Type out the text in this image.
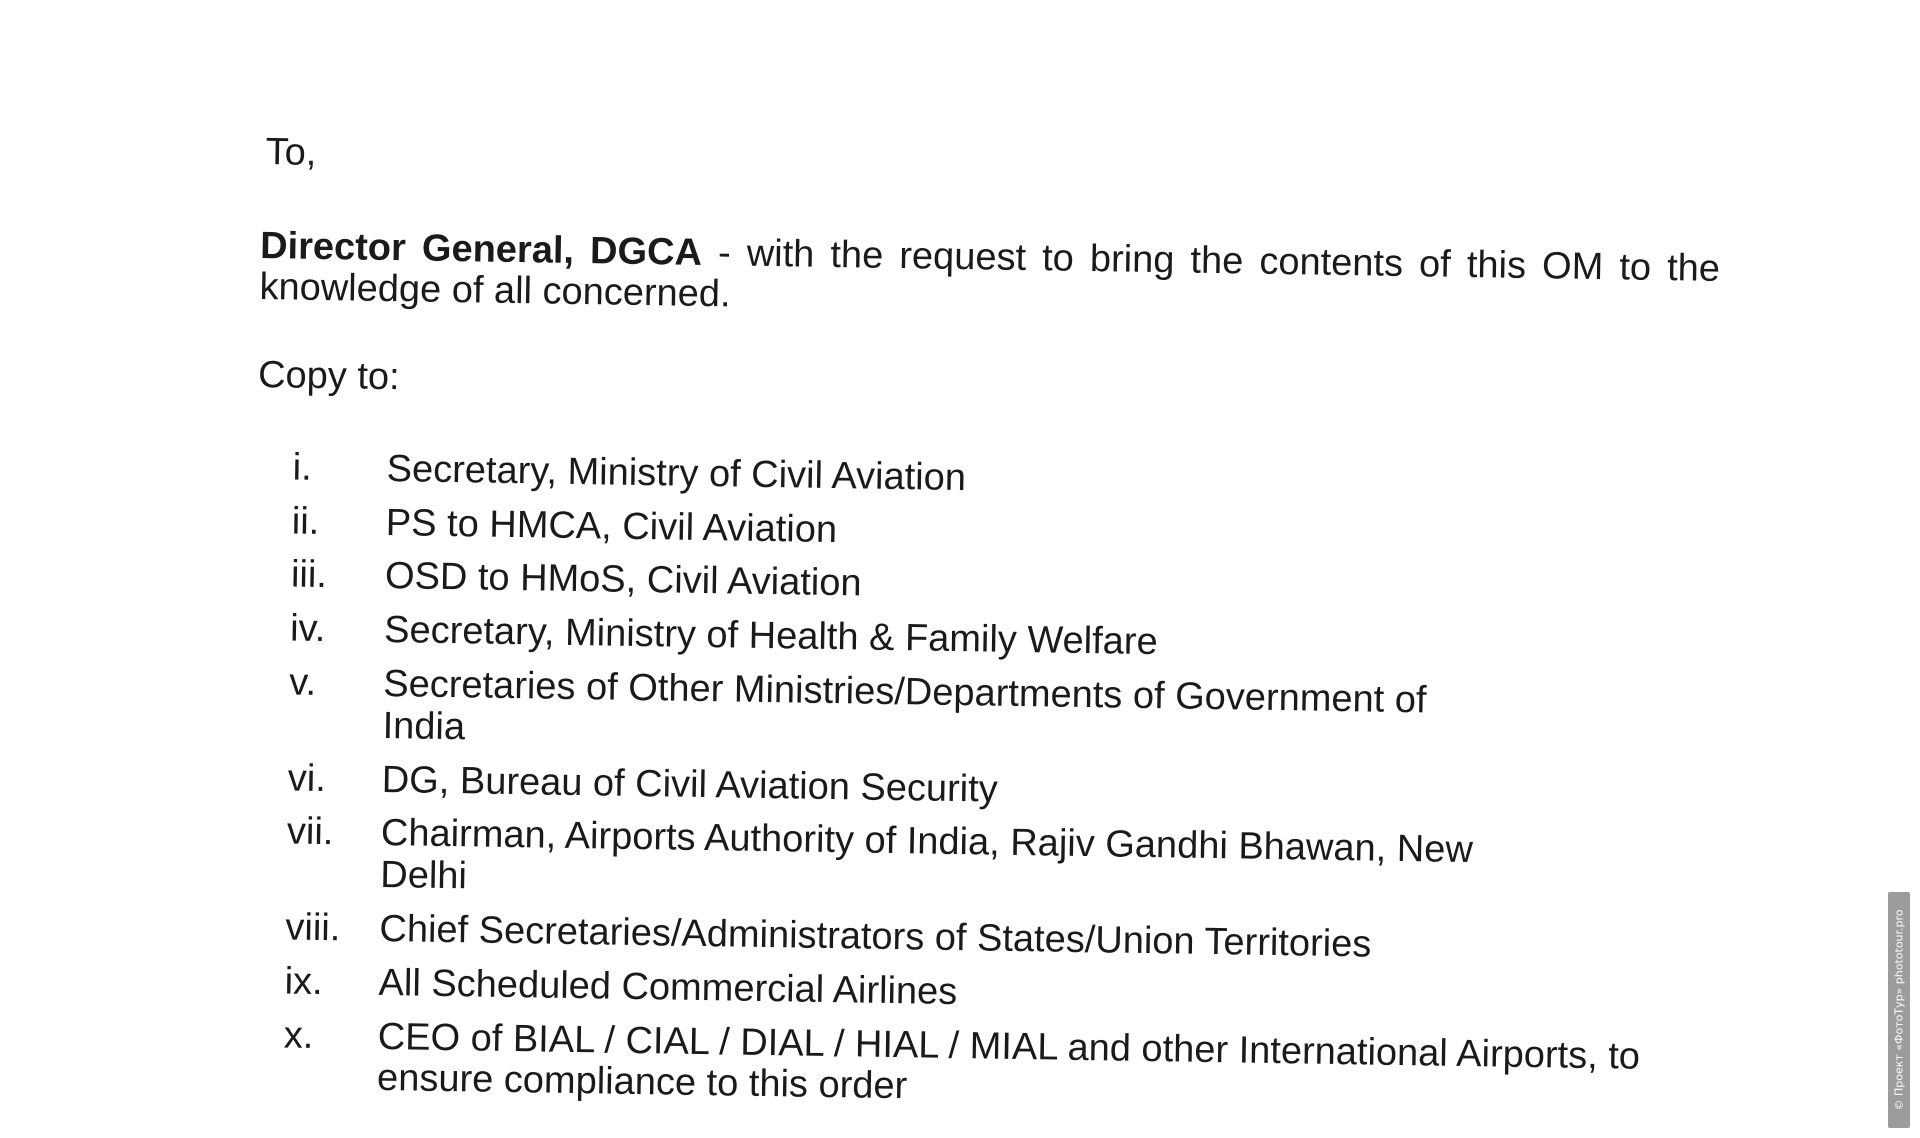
To,
Director General, DGCA - with the request to bring the contents of this OM to the knowledge of all concerned.
Copy to:
i.	Secretary, Ministry of Civil Aviation
ii.	PS to HMCA, Civil Aviation
iii.	OSD to HMoS, Civil Aviation
iv.	Secretary, Ministry of Health & Family Welfare
v.	Secretaries of Other Ministries/Departments of Government of India
vi.	DG, Bureau of Civil Aviation Security
vii.	Chairman, Airports Authority of India, Rajiv Gandhi Bhawan, New Delhi
viii.	Chief Secretaries/Administrators of States/Union Territories
ix.	All Scheduled Commercial Airlines
x.	CEO of BIAL / CIAL / DIAL / HIAL / MIAL and other International Airports, to ensure compliance to this order	© Проект «ФотоТур» phototour.pro
